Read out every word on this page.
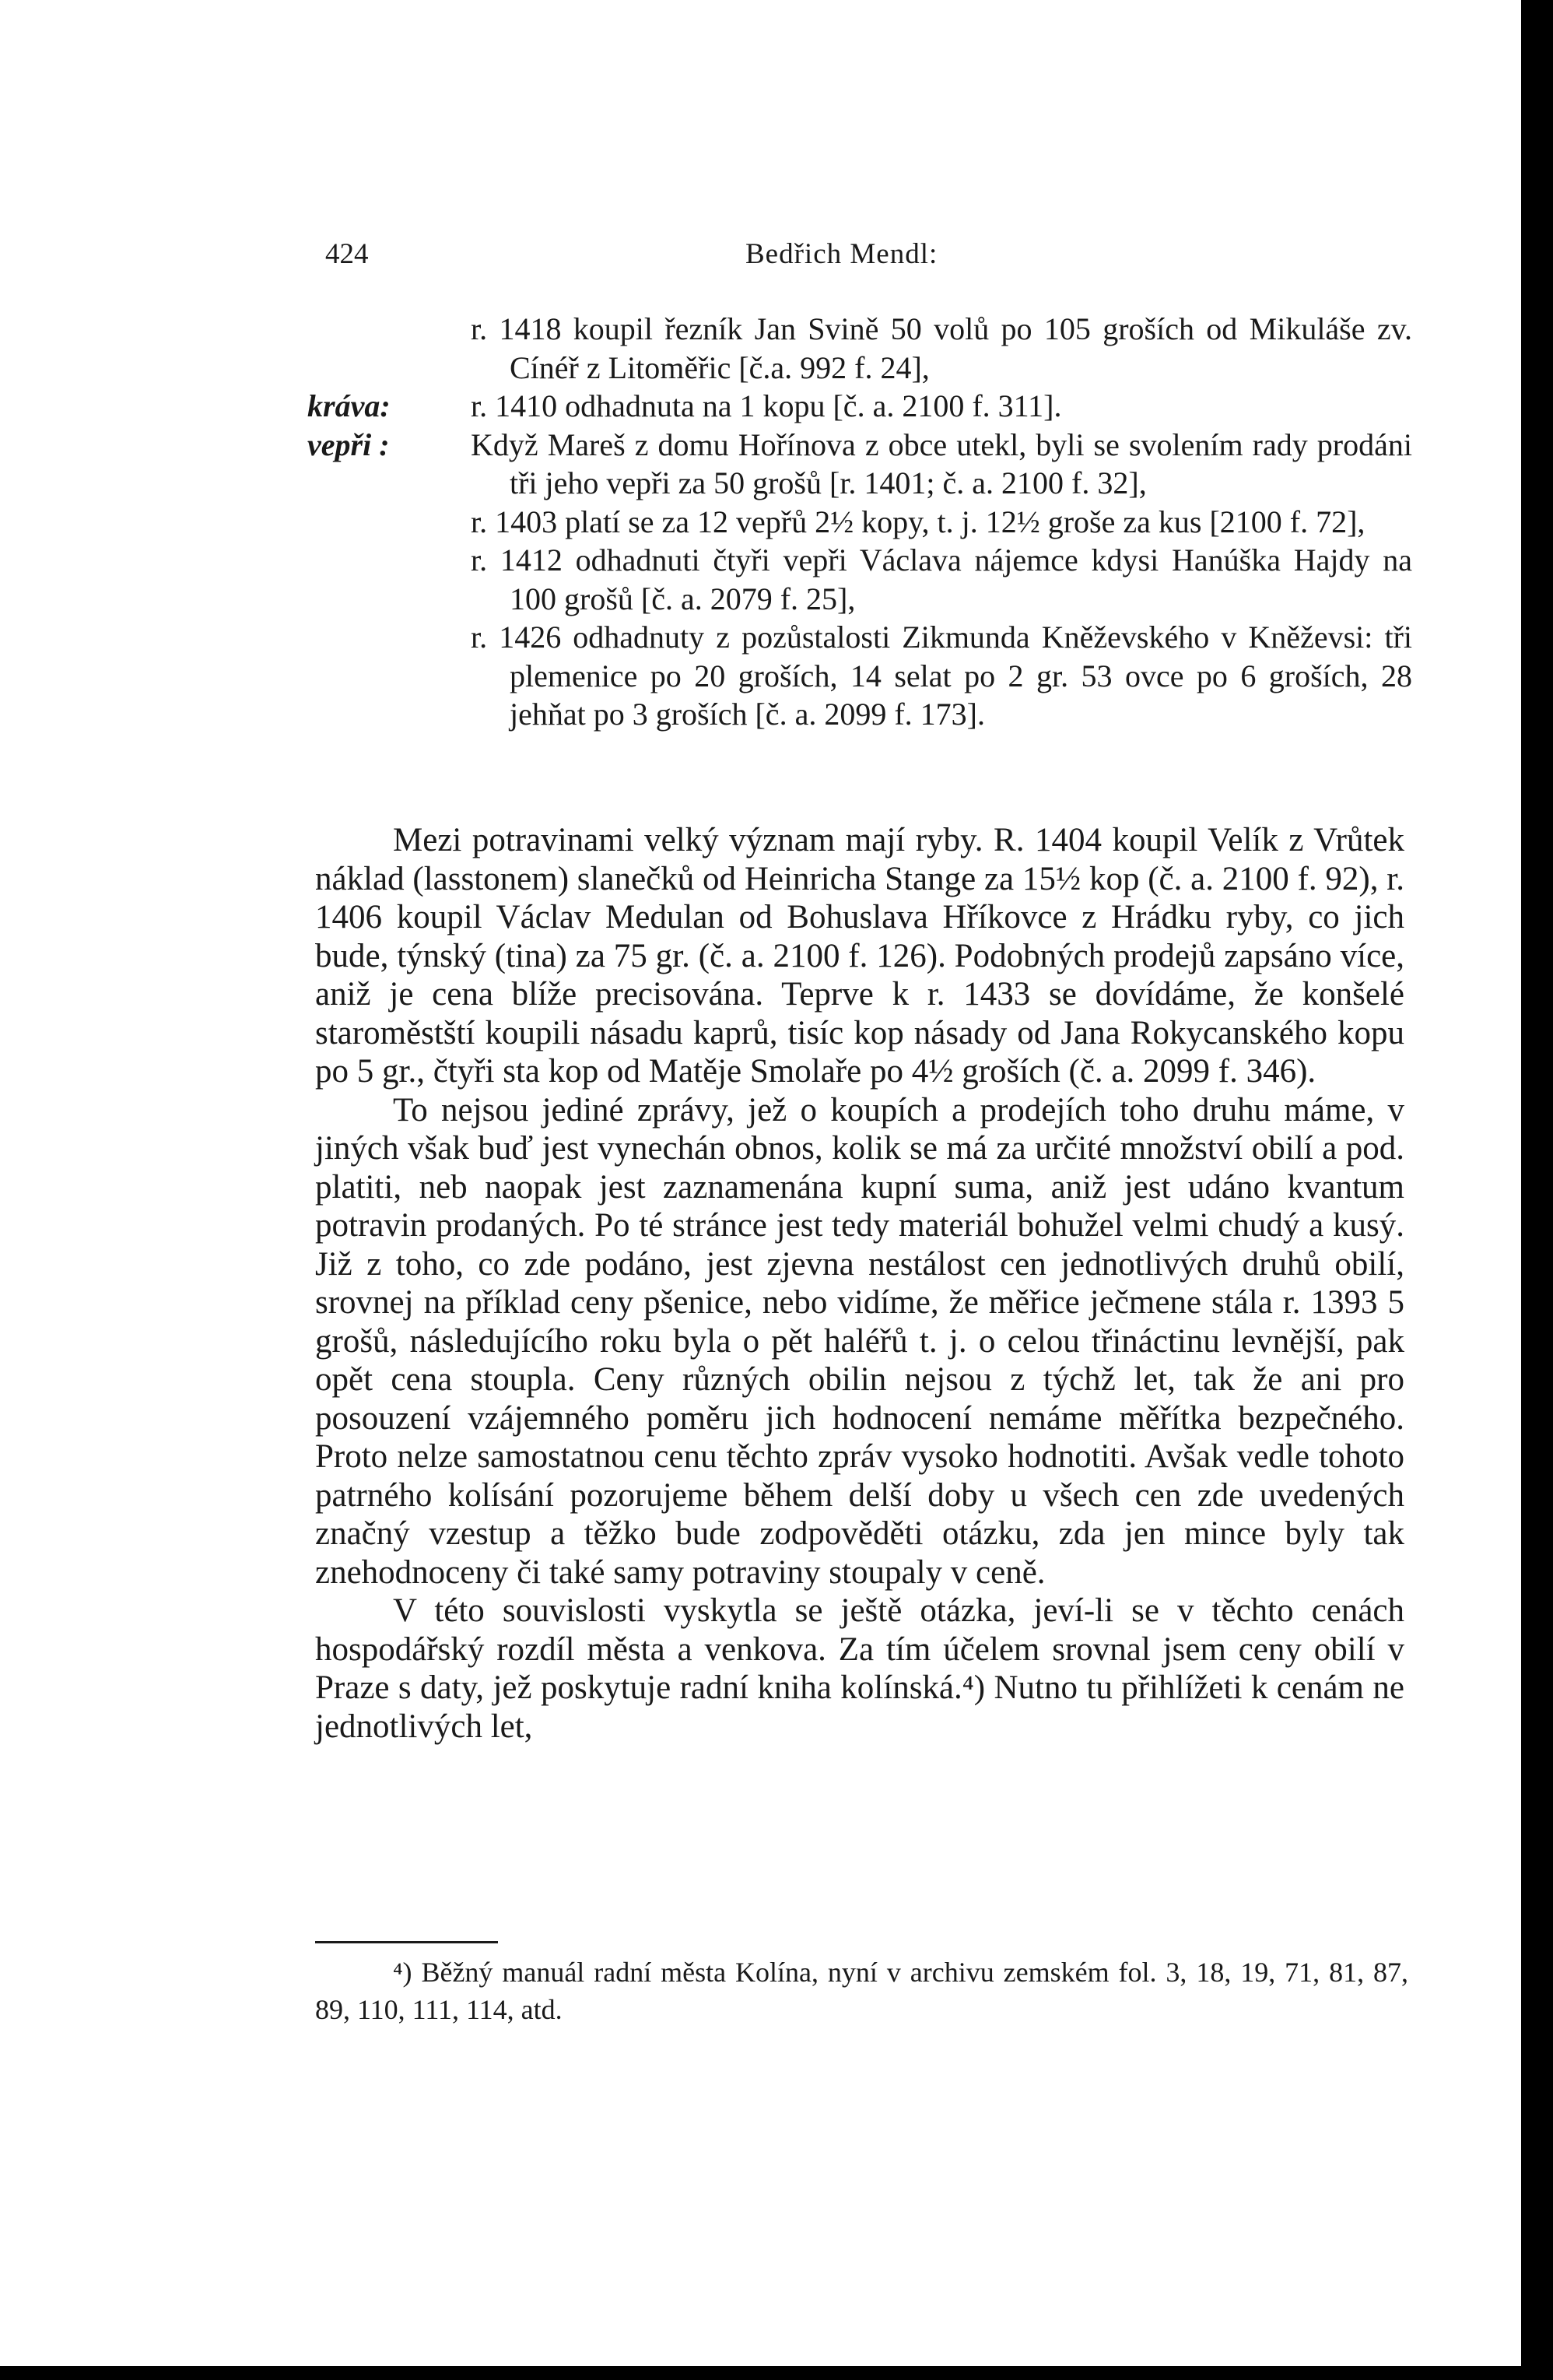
424	Bedřich Mendl:
r. 1418 koupil řezník Jan Svině 50 volů po 105 groších od Mikuláše zv. Cínéř z Litoměřic [č.a. 992 f. 24],
kráva:	r. 1410 odhadnuta na 1 kopu [č. a. 2100 f. 311].
vepři :	Když Mareš z domu Hořínova z obce utekl, byli se svolením rady prodáni tři jeho vepři za 50 grošů [r. 1401; č. a. 2100 f. 32],
r. 1403 platí se za 12 vepřů 2½ kopy, t. j. 12½ groše za kus [2100 f. 72],
r. 1412 odhadnuti čtyři vepři Václava nájemce kdysi Hanúška Hajdy na 100 grošů [č. a. 2079 f. 25],
r. 1426 odhadnuty z pozůstalosti Zikmunda Kněževského v Kněževsi: tři plemenice po 20 groších, 14 selat po 2 gr. 53 ovce po 6 groších, 28 jehňat po 3 groších [č. a. 2099 f. 173].

Mezi potravinami velký význam mají ryby. R. 1404 koupil Velík z Vrůtek náklad (lasstonem) slanečků od Heinricha Stange za 15½ kop (č. a. 2100 f. 92), r. 1406 koupil Václav Medulan od Bohuslava Hříkovce z Hrádku ryby, co jich bude, týnský (tina) za 75 gr. (č. a. 2100 f. 126). Podobných prodejů zapsáno více, aniž je cena blíže precisována. Teprve k r. 1433 se dovídáme, že konšelé staroměstští koupili násadu kaprů, tisíc kop násady od Jana Rokycanského kopu po 5 gr., čtyři sta kop od Matěje Smolaře po 4½ groších (č. a. 2099 f. 346).

To nejsou jediné zprávy, jež o koupích a prodejích toho druhu máme, v jiných však buď jest vynechán obnos, kolik se má za určité množství obilí a pod. platiti, neb naopak jest zaznamenána kupní suma, aniž jest udáno kvantum potravin prodaných. Po té stránce jest tedy materiál bohužel velmi chudý a kusý. Již z toho, co zde podáno, jest zjevna nestálost cen jednotlivých druhů obilí, srovnej na příklad ceny pšenice, nebo vidíme, že měřice ječmene stála r. 1393 5 grošů, následujícího roku byla o pět haléřů t. j. o celou třináctinu levnější, pak opět cena stoupla. Ceny různých obilin nejsou z týchž let, tak že ani pro posouzení vzájemného poměru jich hodnocení nemáme měřítka bezpečného. Proto nelze samostatnou cenu těchto zpráv vysoko hodnotiti. Avšak vedle tohoto patrného kolísání pozorujeme během delší doby u všech cen zde uvedených značný vzestup a těžko bude zodpověděti otázku, zda jen mince byly tak znehodnoceny či také samy potraviny stoupaly v ceně.

V této souvislosti vyskytla se ještě otázka, jeví-li se v těchto cenách hospodářský rozdíl města a venkova. Za tím účelem srovnal jsem ceny obilí v Praze s daty, jež poskytuje radní kniha kolínská.⁴) Nutno tu přihlížeti k cenám ne jednotlivých let,

⁴) Běžný manuál radní města Kolína, nyní v archivu zemském fol. 3, 18, 19, 71, 81, 87, 89, 110, 111, 114, atd.
